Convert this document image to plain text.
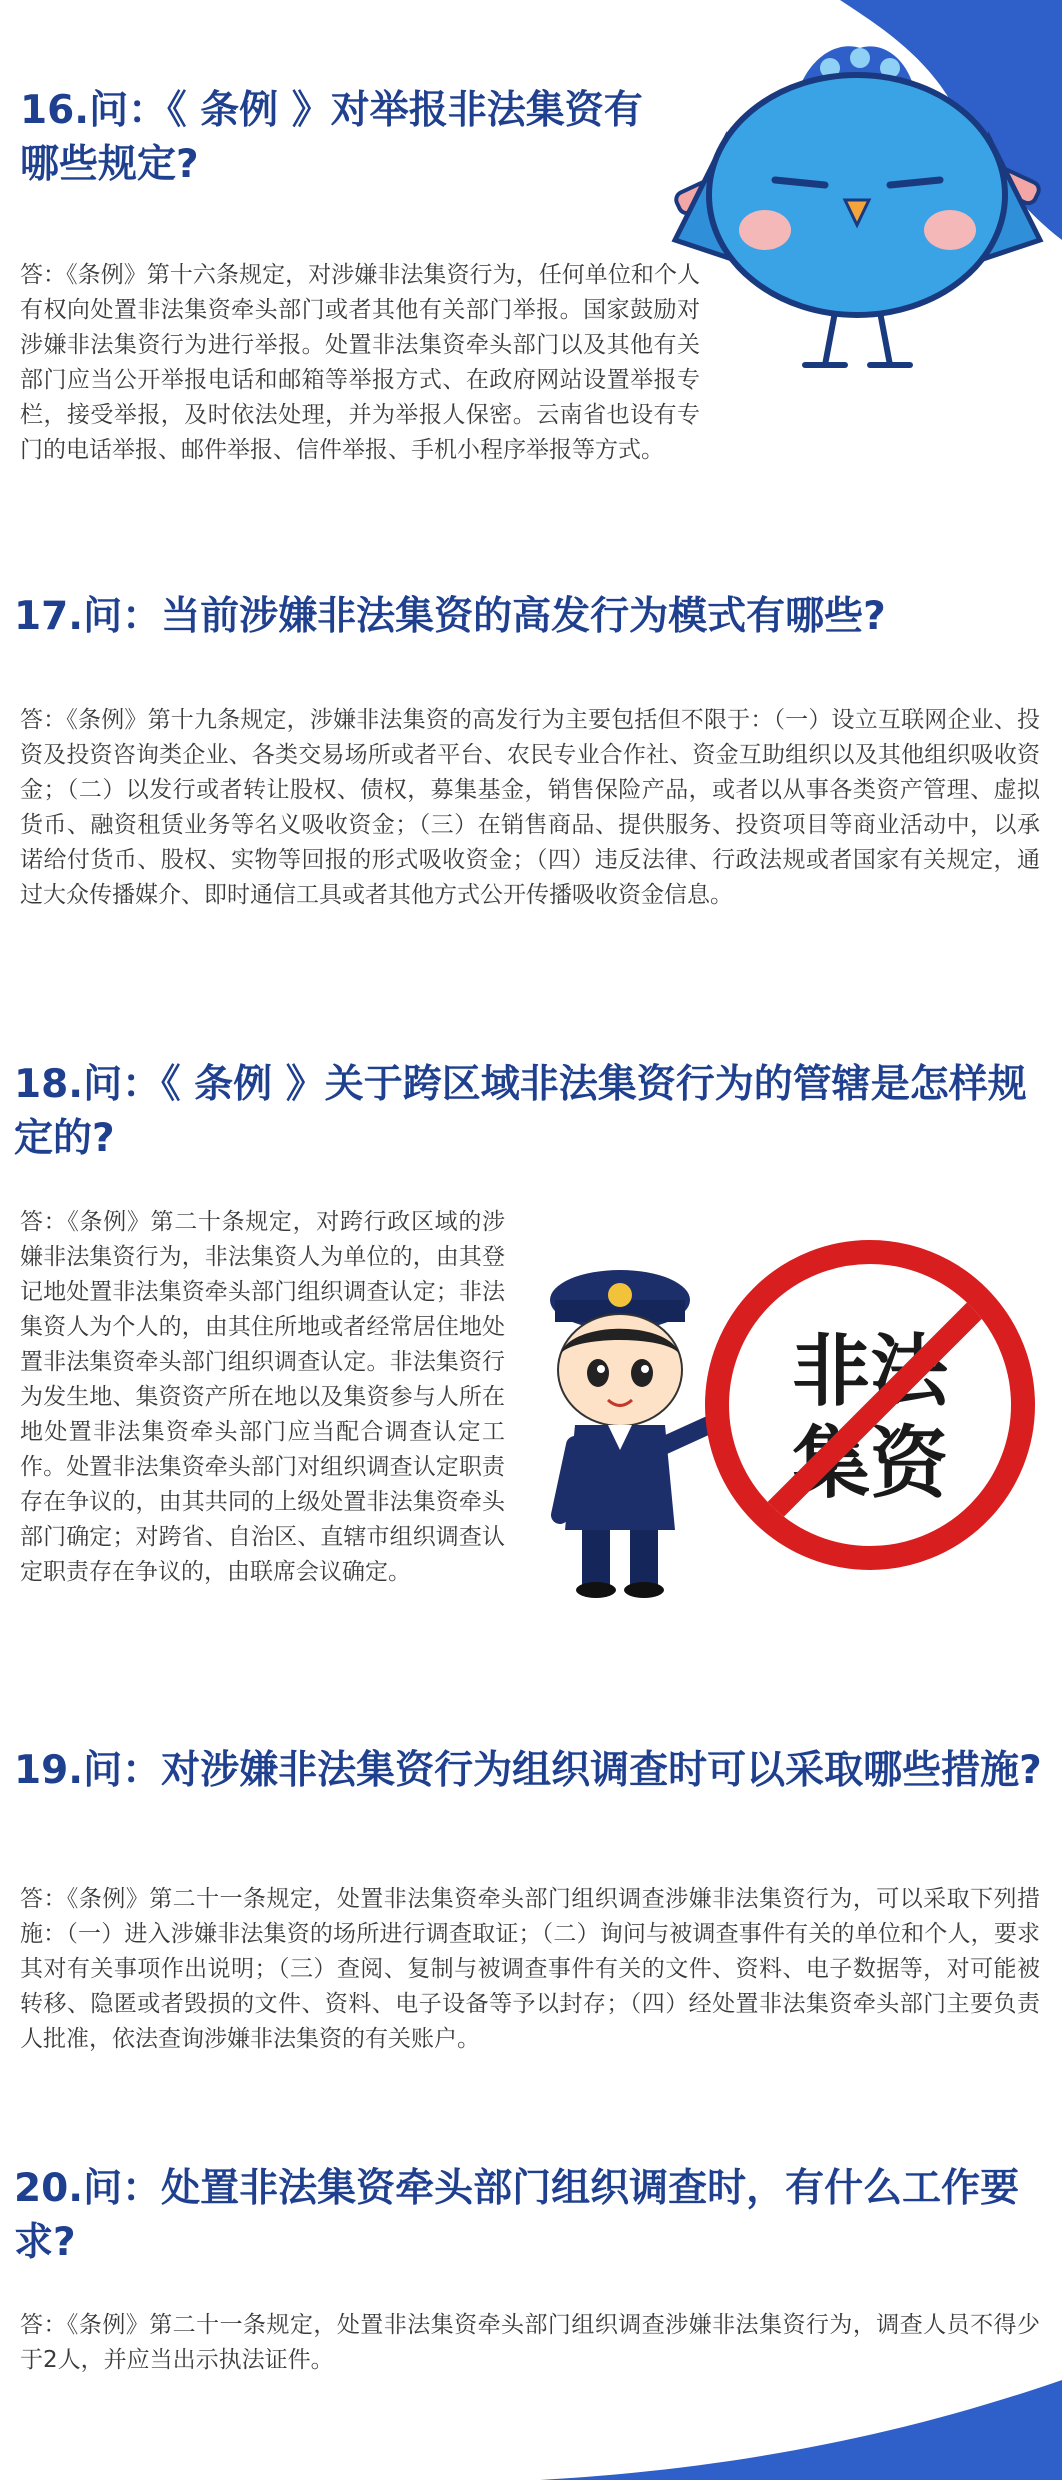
16.问：《 条例 》对举报非法集资有哪些规定?

答：《条例》第十六条规定，对涉嫌非法集资行为，任何单位和个人有权向处置非法集资牵头部门或者其他有关部门举报。国家鼓励对涉嫌非法集资行为进行举报。处置非法集资牵头部门以及其他有关部门应当公开举报电话和邮箱等举报方式、在政府网站设置举报专栏，接受举报，及时依法处理，并为举报人保密。云南省也设有专门的电话举报、邮件举报、信件举报、手机小程序举报等方式。

17.问：当前涉嫌非法集资的高发行为模式有哪些?

答：《条例》第十九条规定，涉嫌非法集资的高发行为主要包括但不限于：（一）设立互联网企业、投资及投资咨询类企业、各类交易场所或者平台、农民专业合作社、资金互助组织以及其他组织吸收资金；（二）以发行或者转让股权、债权，募集基金，销售保险产品，或者以从事各类资产管理、虚拟货币、融资租赁业务等名义吸收资金；（三）在销售商品、提供服务、投资项目等商业活动中，以承诺给付货币、股权、实物等回报的形式吸收资金；（四）违反法律、行政法规或者国家有关规定，通过大众传播媒介、即时通信工具或者其他方式公开传播吸收资金信息。

18.问：《 条例 》关于跨区域非法集资行为的管辖是怎样规定的?

答：《条例》第二十条规定，对跨行政区域的涉嫌非法集资行为，非法集资人为单位的，由其登记地处置非法集资牵头部门组织调查认定；非法集资人为个人的，由其住所地或者经常居住地处置非法集资牵头部门组织调查认定。非法集资行为发生地、集资资产所在地以及集资参与人所在地处置非法集资牵头部门应当配合调查认定工作。处置非法集资牵头部门对组织调查认定职责存在争议的，由其共同的上级处置非法集资牵头部门确定；对跨省、自治区、直辖市组织调查认定职责存在争议的，由联席会议确定。

非法
集资
19.问：对涉嫌非法集资行为组织调查时可以采取哪些措施?

答：《条例》第二十一条规定，处置非法集资牵头部门组织调查涉嫌非法集资行为，可以采取下列措施：（一）进入涉嫌非法集资的场所进行调查取证；（二）询问与被调查事件有关的单位和个人，要求其对有关事项作出说明；（三）查阅、复制与被调查事件有关的文件、资料、电子数据等，对可能被转移、隐匿或者毁损的文件、资料、电子设备等予以封存；（四）经处置非法集资牵头部门主要负责人批准，依法查询涉嫌非法集资的有关账户。

20.问：处置非法集资牵头部门组织调查时，有什么工作要求?

答：《条例》第二十一条规定，处置非法集资牵头部门组织调查涉嫌非法集资行为，调查人员不得少于2人，并应当出示执法证件。
